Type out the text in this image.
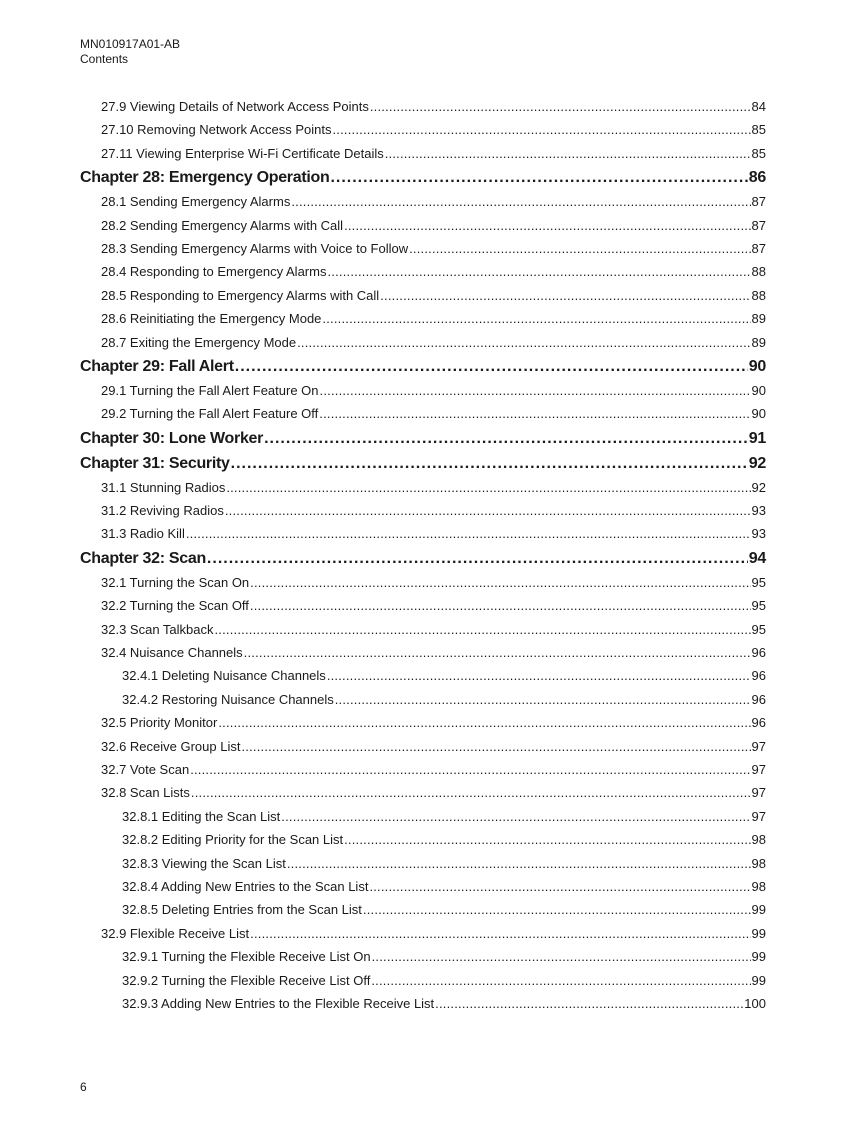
MN010917A01-AB
Contents
27.9 Viewing Details of Network Access Points .....	84
27.10 Removing Network Access Points .....	85
27.11 Viewing Enterprise Wi-Fi Certificate Details .....	85
Chapter 28: Emergency Operation .....	86
28.1 Sending Emergency Alarms .....	87
28.2 Sending Emergency Alarms with Call .....	87
28.3 Sending Emergency Alarms with Voice to Follow .....	87
28.4 Responding to Emergency Alarms .....	88
28.5 Responding to Emergency Alarms with Call .....	88
28.6 Reinitiating the Emergency Mode .....	89
28.7 Exiting the Emergency Mode .....	89
Chapter 29: Fall Alert .....	90
29.1 Turning the Fall Alert Feature On .....	90
29.2 Turning the Fall Alert Feature Off .....	90
Chapter 30: Lone Worker .....	91
Chapter 31: Security .....	92
31.1 Stunning Radios .....	92
31.2 Reviving Radios .....	93
31.3 Radio Kill .....	93
Chapter 32: Scan .....	94
32.1 Turning the Scan On .....	95
32.2 Turning the Scan Off .....	95
32.3 Scan Talkback .....	95
32.4 Nuisance Channels .....	96
32.4.1 Deleting Nuisance Channels .....	96
32.4.2 Restoring Nuisance Channels .....	96
32.5 Priority Monitor .....	96
32.6 Receive Group List .....	97
32.7 Vote Scan .....	97
32.8 Scan Lists .....	97
32.8.1 Editing the Scan List .....	97
32.8.2 Editing Priority for the Scan List .....	98
32.8.3 Viewing the Scan List .....	98
32.8.4 Adding New Entries to the Scan List .....	98
32.8.5 Deleting Entries from the Scan List .....	99
32.9 Flexible Receive List .....	99
32.9.1 Turning the Flexible Receive List On .....	99
32.9.2 Turning the Flexible Receive List Off .....	99
32.9.3 Adding New Entries to the Flexible Receive List .....	100
6
